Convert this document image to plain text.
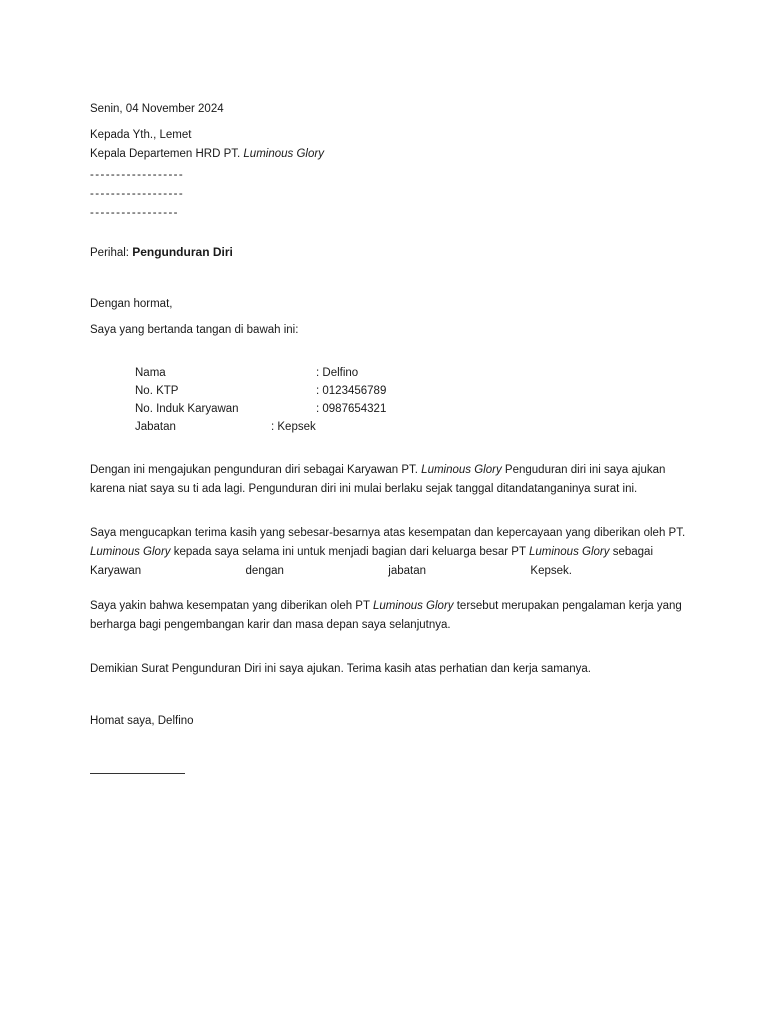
Senin, 04 November 2024
Kepada Yth., Lemet
Kepala Departemen HRD PT. Luminous Glory
------------------
------------------
-----------------
Perihal: Pengunduran Diri
Dengan hormat,
Saya yang bertanda tangan di bawah ini:
Nama	: Delfino
No. KTP	: 0123456789
No. Induk Karyawan	: 0987654321
Jabatan	: Kepsek
Dengan ini mengajukan pengunduran diri sebagai Karyawan PT. Luminous Glory Penguduran diri ini saya ajukan
karena niat saya su ti ada lagi. Pengunduran diri ini mulai berlaku sejak tanggal ditandatanganinya surat ini.
Saya mengucapkan terima kasih yang sebesar-besarnya atas kesempatan dan kepercayaan yang diberikan oleh PT.
Luminous Glory kepada saya selama ini untuk menjadi bagian dari keluarga besar PT Luminous Glory sebagai
Karyawan	dengan	jabatan	Kepsek.
Saya yakin bahwa kesempatan yang diberikan oleh PT Luminous Glory tersebut merupakan pengalaman kerja yang
berharga bagi pengembangan karir dan masa depan saya selanjutnya.
Demikian Surat Pengunduran Diri ini saya ajukan. Terima kasih atas perhatian dan kerja samanya.
Homat saya, Delfino
